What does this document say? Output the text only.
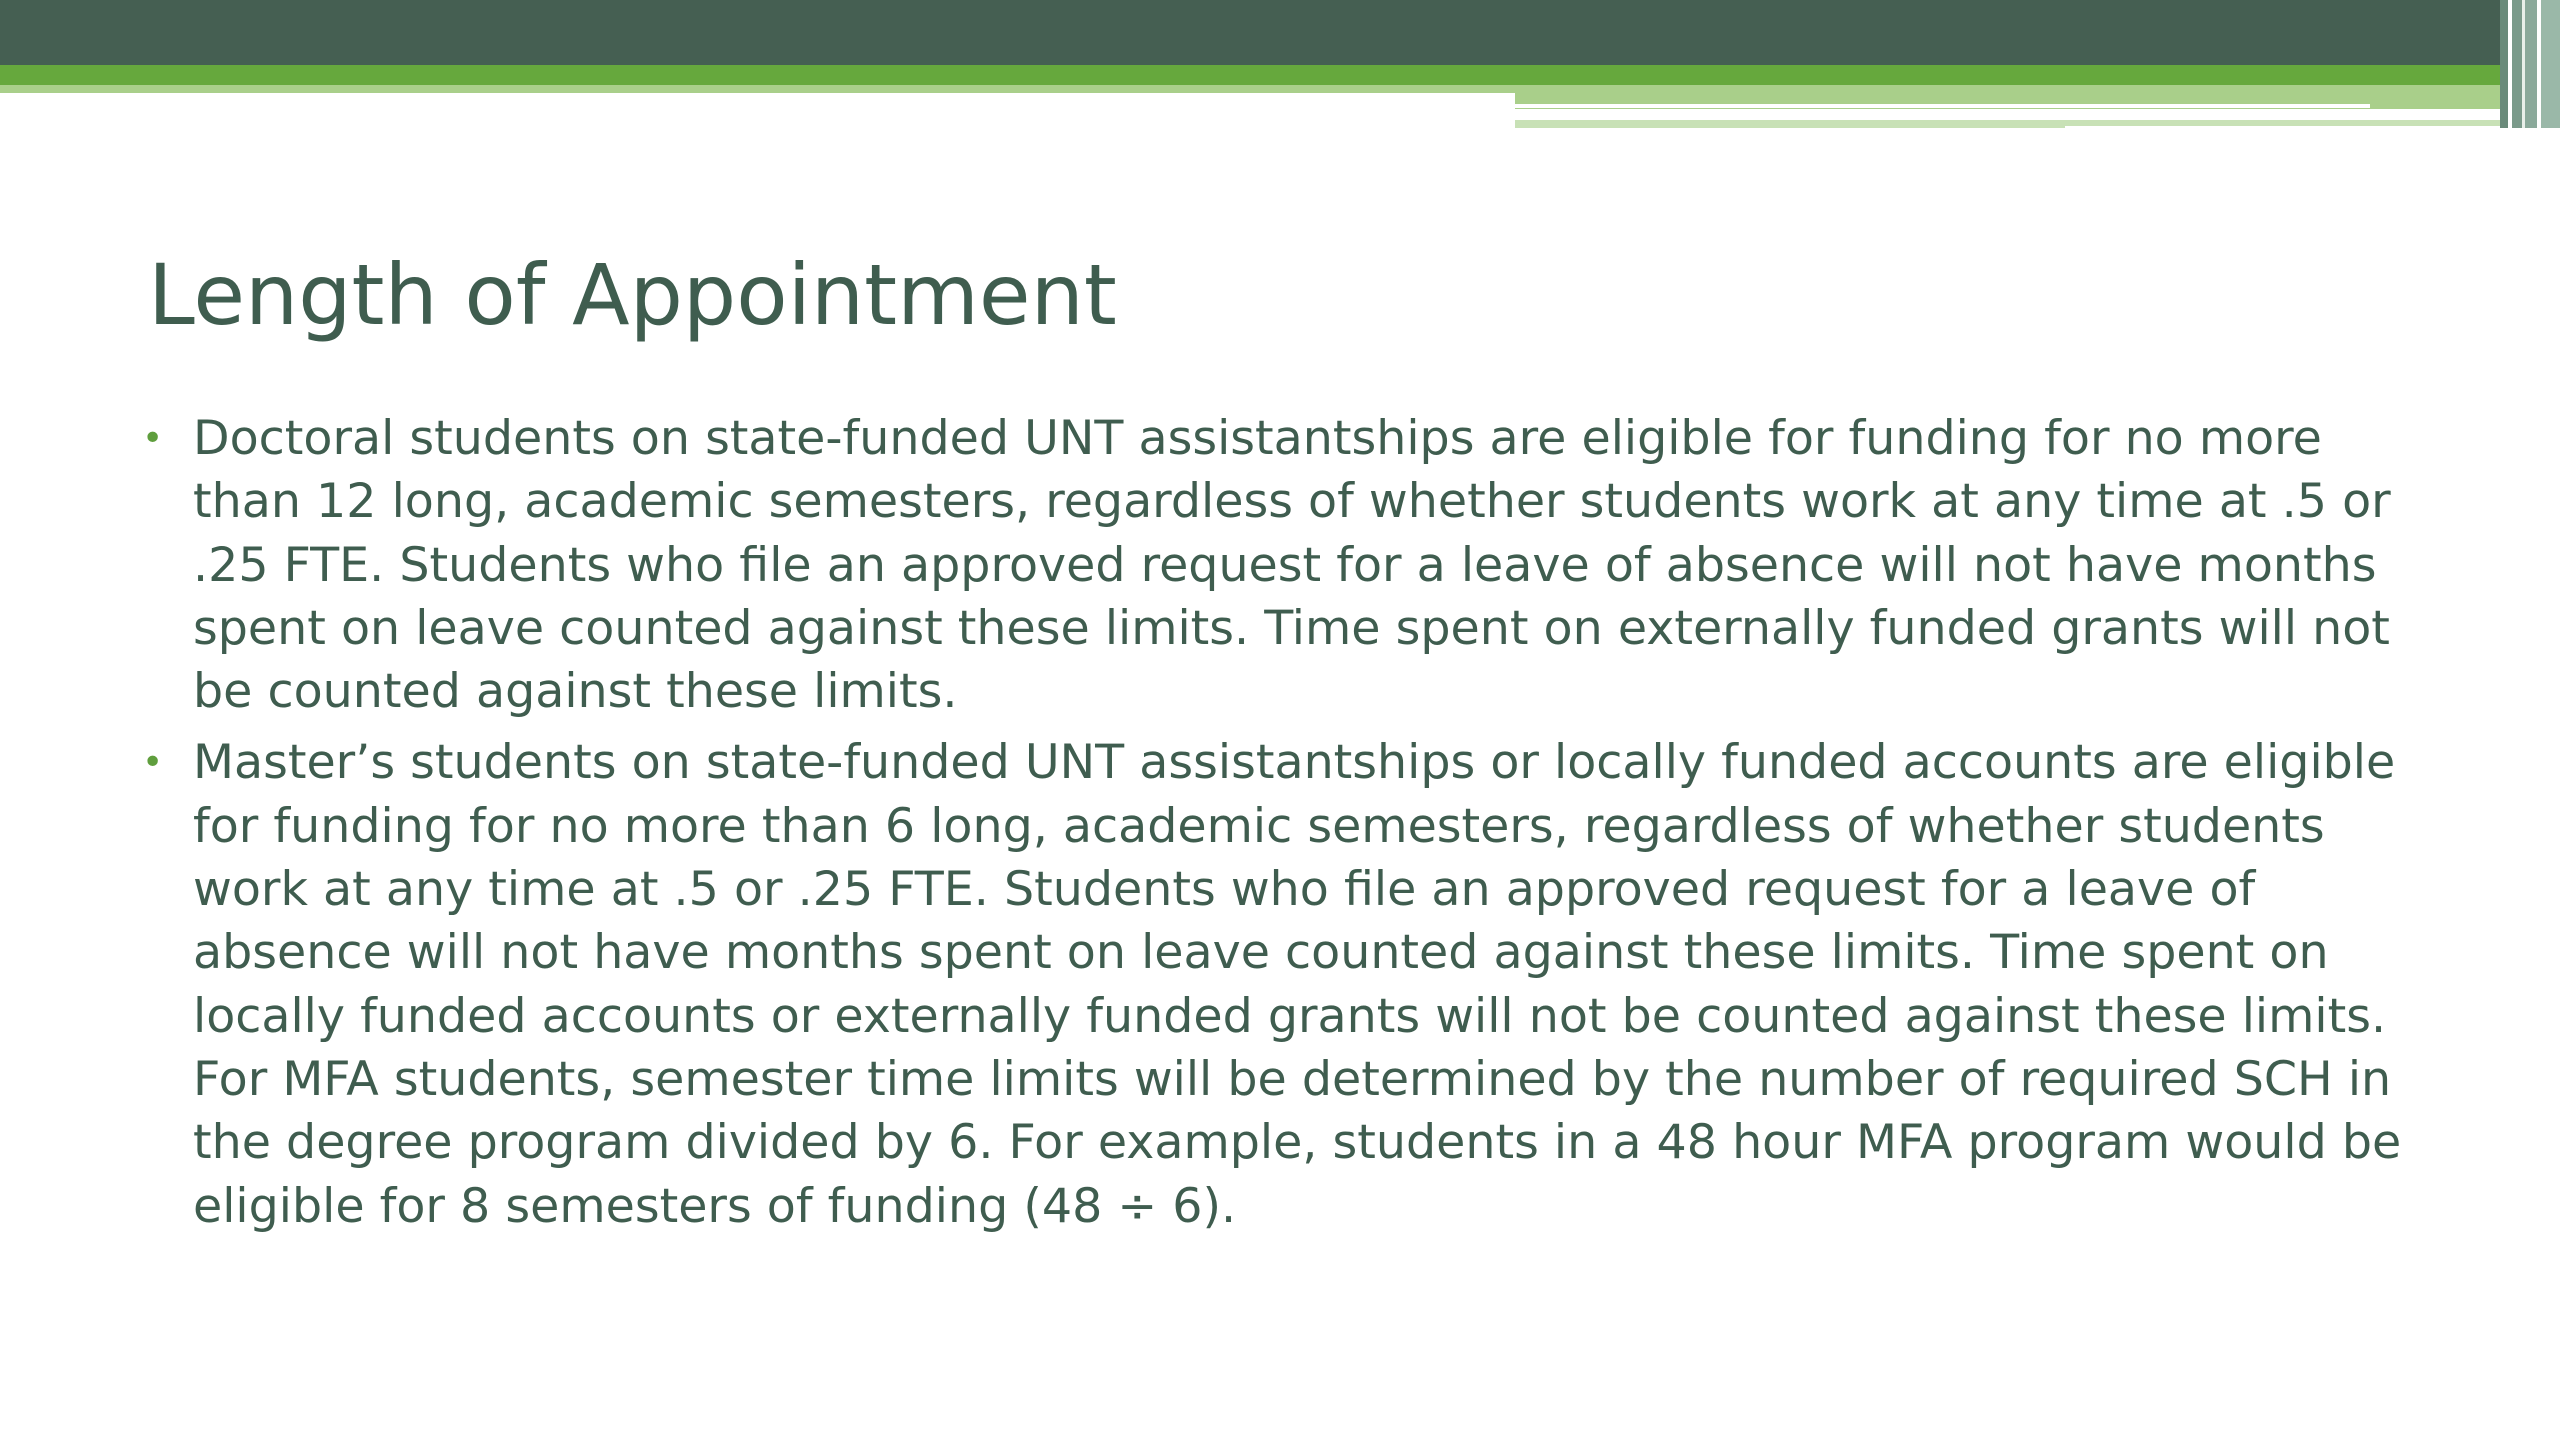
Length of Appointment
• Doctoral students on state-funded UNT assistantships are eligible for funding for no more than 12 long, academic semesters, regardless of whether students work at any time at .5 or .25 FTE. Students who file an approved request for a leave of absence will not have months spent on leave counted against these limits. Time spent on externally funded grants will not be counted against these limits.
• Master’s students on state-funded UNT assistantships or locally funded accounts are eligible for funding for no more than 6 long, academic semesters, regardless of whether students work at any time at .5 or .25 FTE. Students who file an approved request for a leave of absence will not have months spent on leave counted against these limits. Time spent on locally funded accounts or externally funded grants will not be counted against these limits. For MFA students, semester time limits will be determined by the number of required SCH in the degree program divided by 6. For example, students in a 48 hour MFA program would be eligible for 8 semesters of funding (48 ÷ 6).
